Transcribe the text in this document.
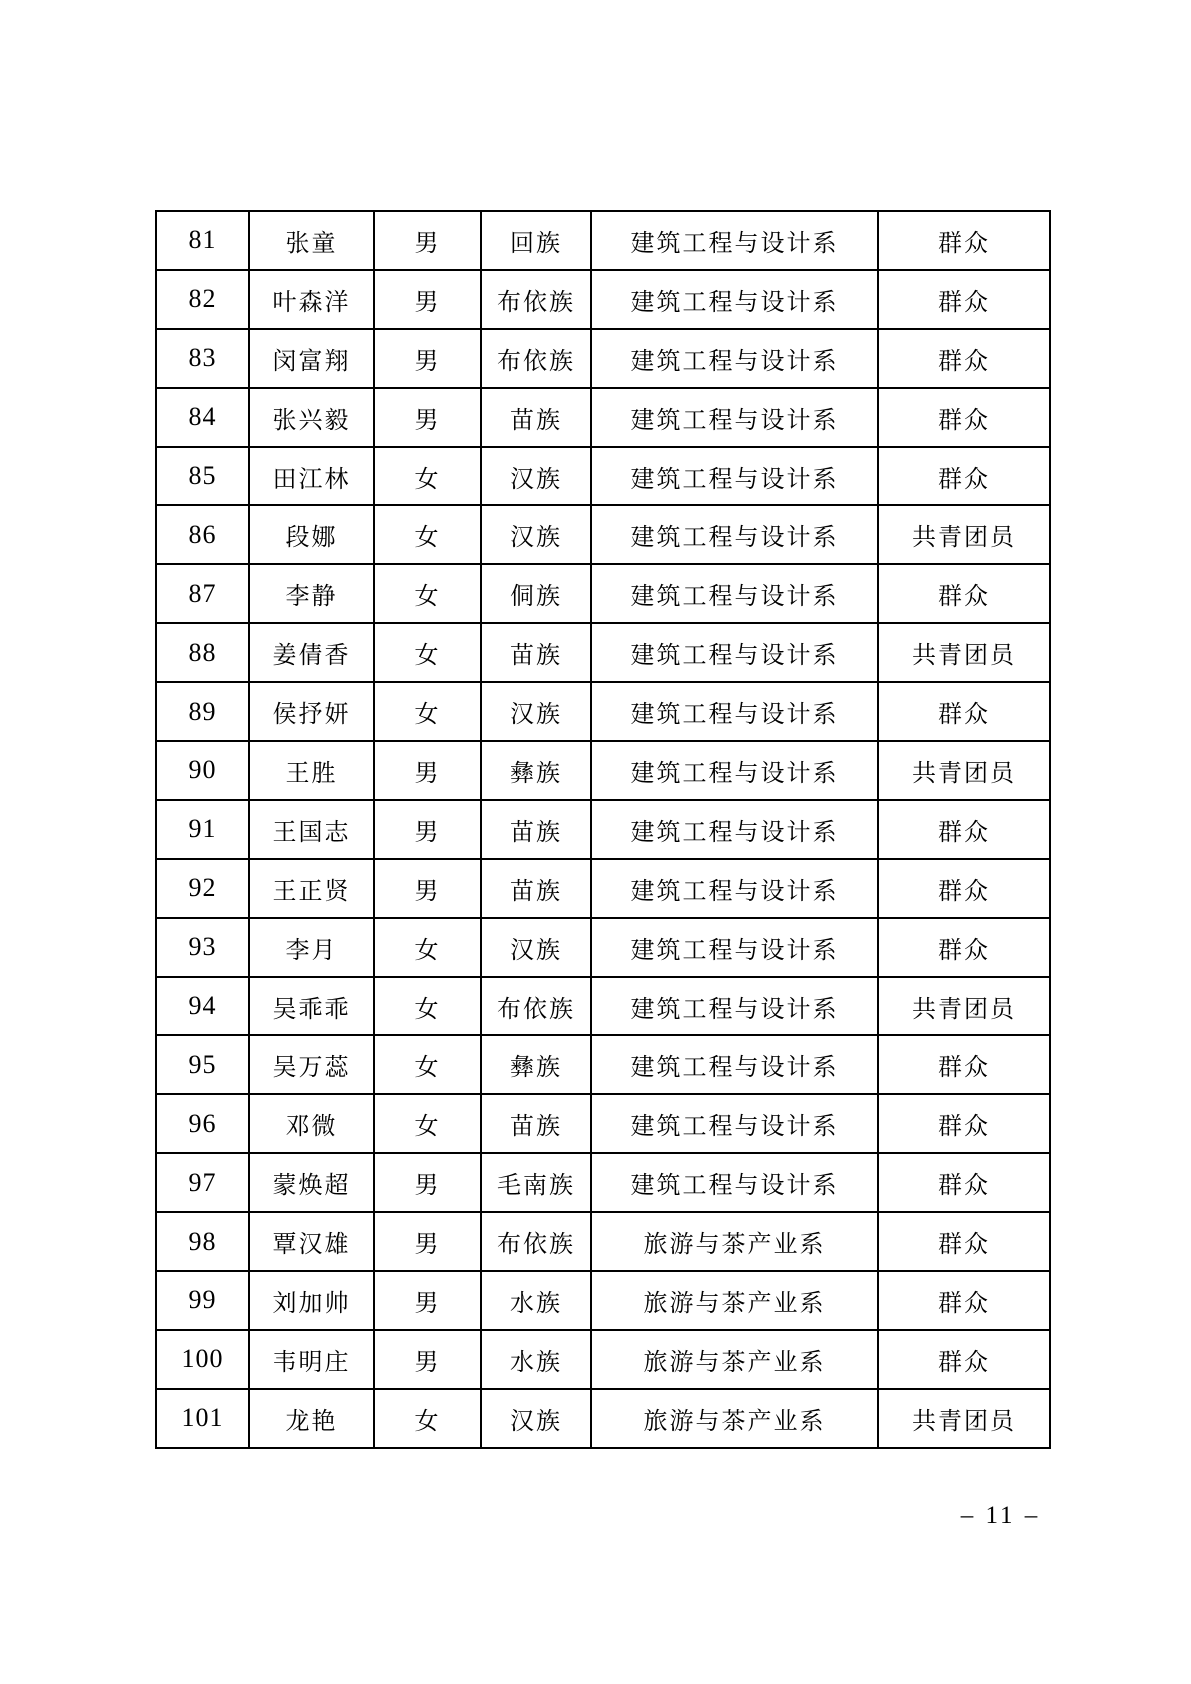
81	张童	男	回族	建筑工程与设计系	群众
82	叶森洋	男	布依族	建筑工程与设计系	群众
83	闵富翔	男	布依族	建筑工程与设计系	群众
84	张兴毅	男	苗族	建筑工程与设计系	群众
85	田江林	女	汉族	建筑工程与设计系	群众
86	段娜	女	汉族	建筑工程与设计系	共青团员
87	李静	女	侗族	建筑工程与设计系	群众
88	姜倩香	女	苗族	建筑工程与设计系	共青团员
89	侯抒妍	女	汉族	建筑工程与设计系	群众
90	王胜	男	彝族	建筑工程与设计系	共青团员
91	王国志	男	苗族	建筑工程与设计系	群众
92	王正贤	男	苗族	建筑工程与设计系	群众
93	李月	女	汉族	建筑工程与设计系	群众
94	吴乖乖	女	布依族	建筑工程与设计系	共青团员
95	吴万蕊	女	彝族	建筑工程与设计系	群众
96	邓微	女	苗族	建筑工程与设计系	群众
97	蒙焕超	男	毛南族	建筑工程与设计系	群众
98	覃汉雄	男	布依族	旅游与茶产业系	群众
99	刘加帅	男	水族	旅游与茶产业系	群众
100	韦明庄	男	水族	旅游与茶产业系	群众
101	龙艳	女	汉族	旅游与茶产业系	共青团员
– 11 –
